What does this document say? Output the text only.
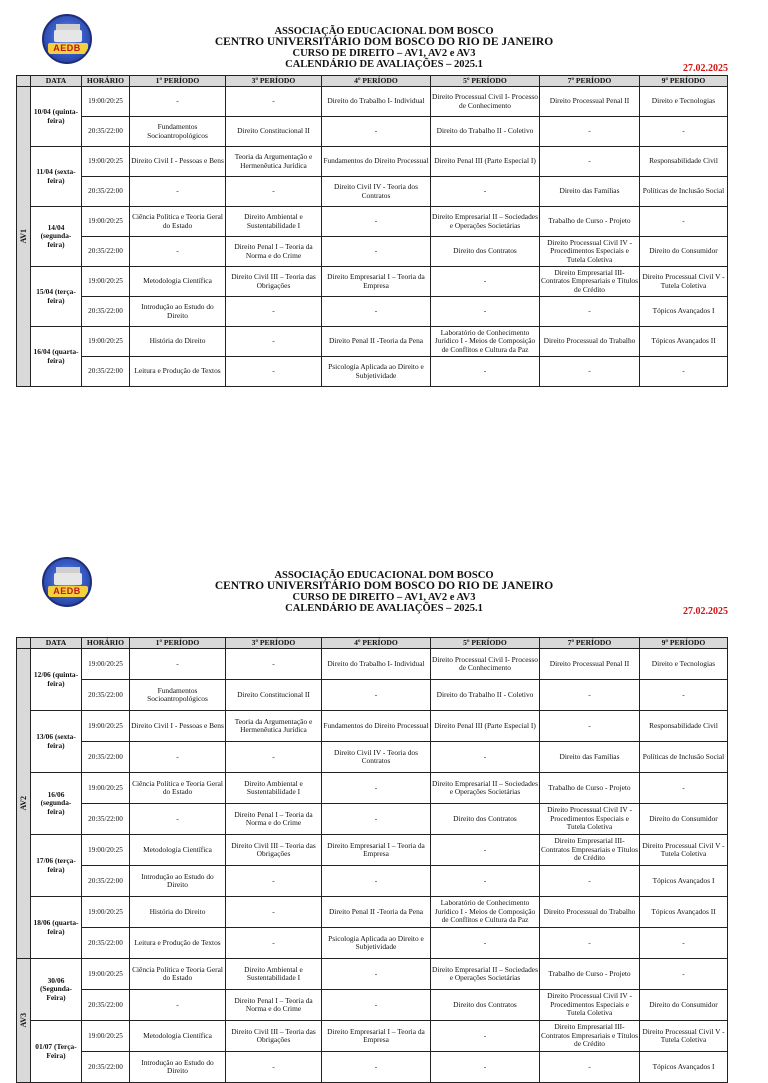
AEDB
ASSOCIAÇÃO EDUCACIONAL DOM BOSCO
CENTRO UNIVERSITÁRIO DOM BOSCO DO RIO DE JANEIRO
CURSO DE DIREITO – AV1, AV2 e AV3
CALENDÁRIO DE AVALIAÇÕES – 2025.1	27.02.2025
	DATA	HORÁRIO	1º PERÍODO	3º PERÍODO	4º PERÍODO	5º PERÍODO	7º PERÍODO	9º PERÍODO
AV1	10/04 (quinta-feira)	19:00/20:25	-	-	Direito do Trabalho I- Individual	Direito Processual Civil I- Processo de Conhecimento	Direito Processual Penal II	Direito e Tecnologias
		20:35/22:00	Fundamentos Socioantropológicos	Direito Constitucional II	-	Direito do Trabalho II - Coletivo	-	-
	11/04 (sexta-feira)	19:00/20:25	Direito Civil I - Pessoas e Bens	Teoria da Argumentação e Hermenêutica Jurídica	Fundamentos do Direito Processual	Direito Penal III (Parte Especial I)	-	Responsabilidade Civil
		20:35/22:00	-	-	Direito Civil IV - Teoria dos Contratos	-	Direito das Famílias	Políticas de Inclusão Social
	14/04 (segunda-feira)	19:00/20:25	Ciência Política e Teoria Geral do Estado	Direito Ambiental e Sustentabilidade I	-	Direito Empresarial II – Sociedades e Operações Societárias	Trabalho de Curso - Projeto	-
		20:35/22:00	-	Direito Penal I – Teoria da Norma e do Crime	-	Direito dos Contratos	Direito Processual Civil IV - Procedimentos Especiais e Tutela Coletiva	Direito do Consumidor
	15/04 (terça-feira)	19:00/20:25	Metodologia Científica	Direito Civil III – Teoria das Obrigações	Direito Empresarial I – Teoria da Empresa	-	Direito Empresarial III- Contratos Empresariais e Títulos de Crédito	Direito Processual Civil V - Tutela Coletiva
		20:35/22:00	Introdução ao Estudo do Direito	-	-	-	-	Tópicos Avançados I
	16/04 (quarta-feira)	19:00/20:25	História do Direito	-	Direito Penal II -Teoria da Pena	Laboratório de Conhecimento Jurídico I - Meios de Composição de Conflitos e Cultura da Paz	Direito Processual do Trabalho	Tópicos Avançados II
		20:35/22:00	Leitura e Produção de Textos	-	Psicologia Aplicada ao Direito e Subjetividade	-	-	-
AEDB
ASSOCIAÇÃO EDUCACIONAL DOM BOSCO
CENTRO UNIVERSITÁRIO DOM BOSCO DO RIO DE JANEIRO
CURSO DE DIREITO – AV1, AV2 e AV3
CALENDÁRIO DE AVALIAÇÕES – 2025.1	27.02.2025
	DATA	HORÁRIO	1º PERÍODO	3º PERÍODO	4º PERÍODO	5º PERÍODO	7º PERÍODO	9º PERÍODO
AV2	12/06 (quinta-feira)	19:00/20:25	-	-	Direito do Trabalho I- Individual	Direito Processual Civil I- Processo de Conhecimento	Direito Processual Penal II	Direito e Tecnologias
		20:35/22:00	Fundamentos Socioantropológicos	Direito Constitucional II	-	Direito do Trabalho II - Coletivo	-	-
	13/06 (sexta-feira)	19:00/20:25	Direito Civil I - Pessoas e Bens	Teoria da Argumentação e Hermenêutica Jurídica	Fundamentos do Direito Processual	Direito Penal III (Parte Especial I)	-	Responsabilidade Civil
		20:35/22:00	-	-	Direito Civil IV - Teoria dos Contratos	-	Direito das Famílias	Políticas de Inclusão Social
	16/06 (segunda-feira)	19:00/20:25	Ciência Política e Teoria Geral do Estado	Direito Ambiental e Sustentabilidade I	-	Direito Empresarial II – Sociedades e Operações Societárias	Trabalho de Curso - Projeto	-
		20:35/22:00	-	Direito Penal I – Teoria da Norma e do Crime	-	Direito dos Contratos	Direito Processual Civil IV - Procedimentos Especiais e Tutela Coletiva	Direito do Consumidor
	17/06 (terça-feira)	19:00/20:25	Metodologia Científica	Direito Civil III – Teoria das Obrigações	Direito Empresarial I – Teoria da Empresa	-	Direito Empresarial III- Contratos Empresariais e Títulos de Crédito	Direito Processual Civil V - Tutela Coletiva
		20:35/22:00	Introdução ao Estudo do Direito	-	-	-	-	Tópicos Avançados I
	18/06 (quarta-feira)	19:00/20:25	História do Direito	-	Direito Penal II -Teoria da Pena	Laboratório de Conhecimento Jurídico I - Meios de Composição de Conflitos e Cultura da Paz	Direito Processual do Trabalho	Tópicos Avançados II
		20:35/22:00	Leitura e Produção de Textos	-	Psicologia Aplicada ao Direito e Subjetividade	-	-	-
AV3	30/06 (Segunda-Feira)	19:00/20:25	Ciência Política e Teoria Geral do Estado	Direito Ambiental e Sustentabilidade I	-	Direito Empresarial II – Sociedades e Operações Societárias	Trabalho de Curso - Projeto	-
		20:35/22:00	-	Direito Penal I – Teoria da Norma e do Crime	-	Direito dos Contratos	Direito Processual Civil IV - Procedimentos Especiais e Tutela Coletiva	Direito do Consumidor
	01/07 (Terça-Feira)	19:00/20:25	Metodologia Científica	Direito Civil III – Teoria das Obrigações	Direito Empresarial I – Teoria da Empresa	-	Direito Empresarial III- Contratos Empresariais e Títulos de Crédito	Direito Processual Civil V - Tutela Coletiva
		20:35/22:00	Introdução ao Estudo do Direito	-	-	-	-	Tópicos Avançados I
